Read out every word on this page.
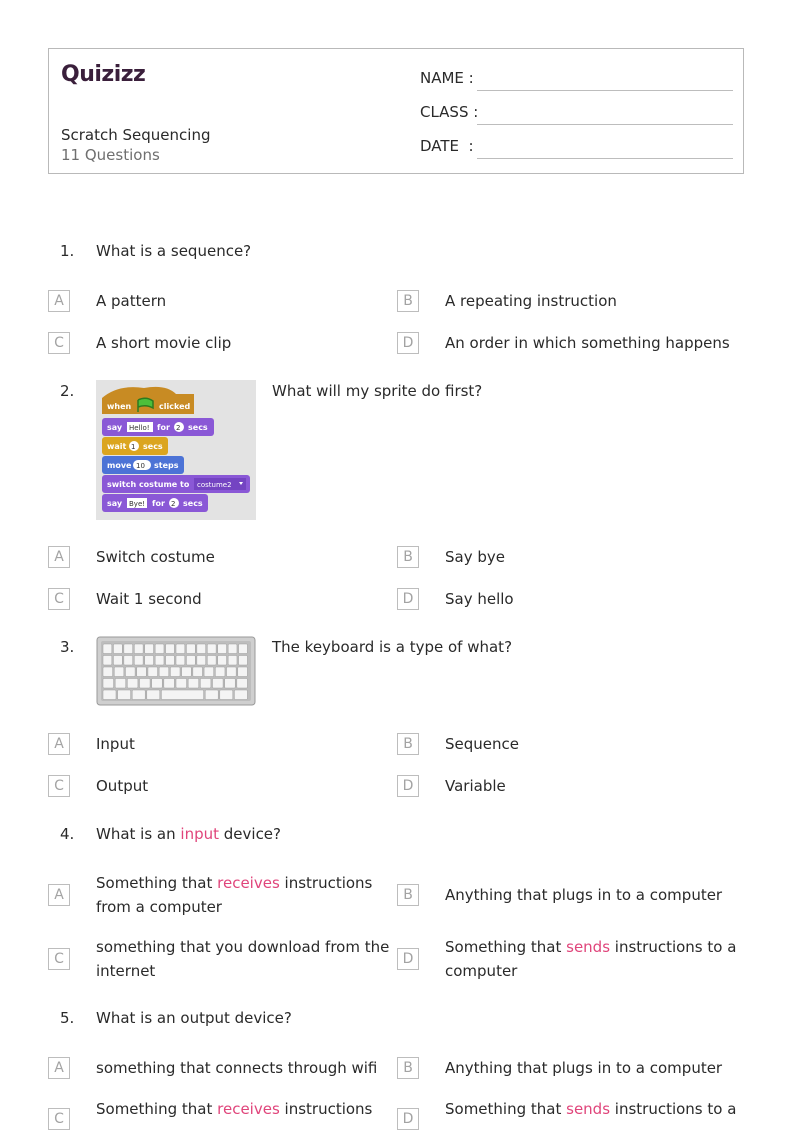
Quizizz
Scratch Sequencing
11 Questions
NAME :
CLASS :
DATE  :
1. What is a sequence?
A	A pattern	B	A repeating instruction
C	A short movie clip	D	An order in which something happens
2.
when	clicked
say Hello! for 2 secs
wait 1 secs
move 10 steps
switch costume to costume2
say Bye! for 2 secs
What will my sprite do first?
A	Switch costume	B	Say bye
C	Wait 1 second	D	Say hello
3.	The keyboard is a type of what?
A	Input	B	Sequence
C	Output	D	Variable
4. What is an input device?
A
Something that receives instructions from a computer
B	Anything that plugs in to a computer
C
something that you download from the internet
D
Something that sends instructions to a computer
5. What is an output device?
A	something that connects through wifi	B	Anything that plugs in to a computer
C
Something that receives instructions
D
Something that sends instructions to a
